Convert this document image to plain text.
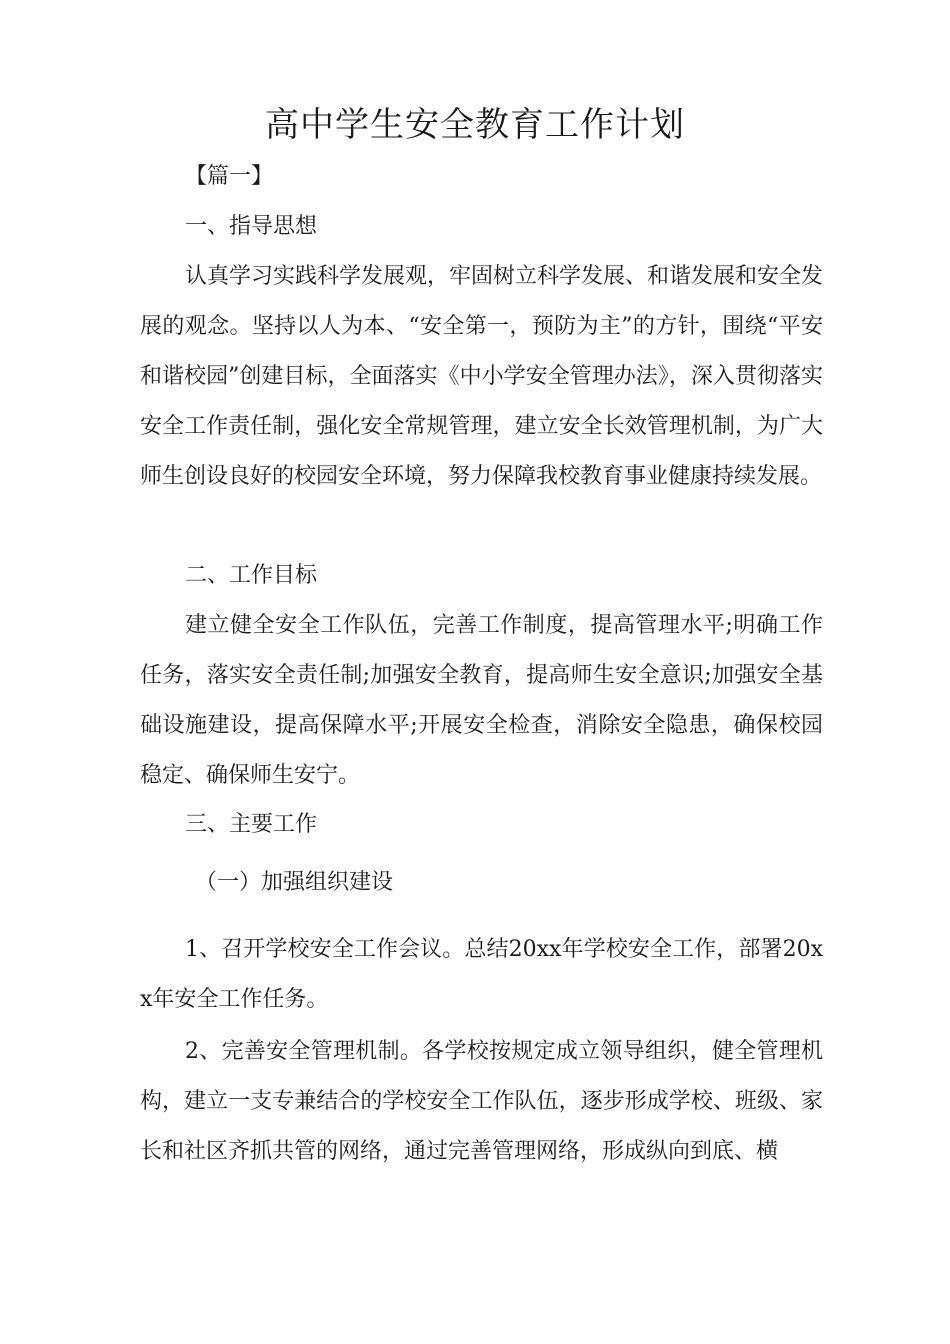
高中学生安全教育工作计划

【篇一】

一、指导思想

认真学习实践科学发展观，牢固树立科学发展、和谐发展和安全发展的观念。坚持以人为本、“安全第一，预防为主”的方针，围绕“平安和谐校园”创建目标，全面落实《中小学安全管理办法》，深入贯彻落实安全工作责任制，强化安全常规管理，建立安全长效管理机制，为广大师生创设良好的校园安全环境，努力保障我校教育事业健康持续发展。

二、工作目标

建立健全安全工作队伍，完善工作制度，提高管理水平;明确工作任务，落实安全责任制;加强安全教育，提高师生安全意识;加强安全基础设施建设，提高保障水平;开展安全检查，消除安全隐患，确保校园稳定、确保师生安宁。

三、主要工作

（一）加强组织建设

1、召开学校安全工作会议。总结20xx年学校安全工作，部署20xx年安全工作任务。

2、完善安全管理机制。各学校按规定成立领导组织，健全管理机构，建立一支专兼结合的学校安全工作队伍，逐步形成学校、班级、家长和社区齐抓共管的网络，通过完善管理网络，形成纵向到底、横
